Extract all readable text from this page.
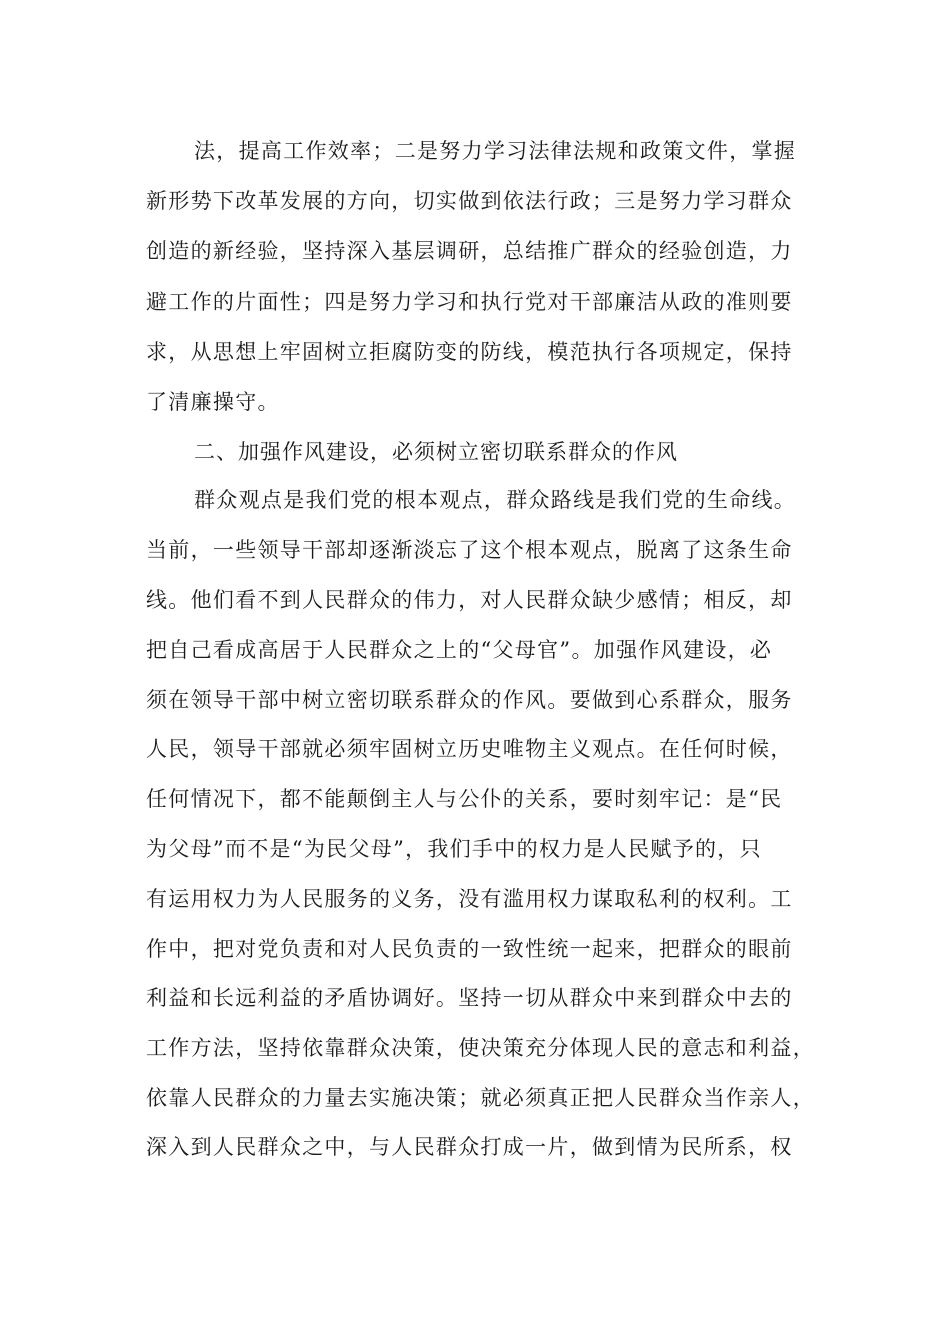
法，提高工作效率；二是努力学习法律法规和政策文件，掌握
新形势下改革发展的方向，切实做到依法行政；三是努力学习群众
创造的新经验，坚持深入基层调研，总结推广群众的经验创造，力
避工作的片面性；四是努力学习和执行党对干部廉洁从政的准则要
求，从思想上牢固树立拒腐防变的防线，模范执行各项规定，保持
了清廉操守。
二、加强作风建设，必须树立密切联系群众的作风
群众观点是我们党的根本观点，群众路线是我们党的生命线。
当前，一些领导干部却逐渐淡忘了这个根本观点，脱离了这条生命
线。他们看不到人民群众的伟力，对人民群众缺少感情；相反，却
把自己看成高居于人民群众之上的“父母官”。加强作风建设，必
须在领导干部中树立密切联系群众的作风。要做到心系群众，服务
人民，领导干部就必须牢固树立历史唯物主义观点。在任何时候，
任何情况下，都不能颠倒主人与公仆的关系，要时刻牢记：是“民
为父母”而不是“为民父母”，我们手中的权力是人民赋予的，只
有运用权力为人民服务的义务，没有滥用权力谋取私利的权利。工
作中，把对党负责和对人民负责的一致性统一起来，把群众的眼前
利益和长远利益的矛盾协调好。坚持一切从群众中来到群众中去的
工作方法，坚持依靠群众决策，使决策充分体现人民的意志和利益，
依靠人民群众的力量去实施决策；就必须真正把人民群众当作亲人，
深入到人民群众之中，与人民群众打成一片，做到情为民所系，权
